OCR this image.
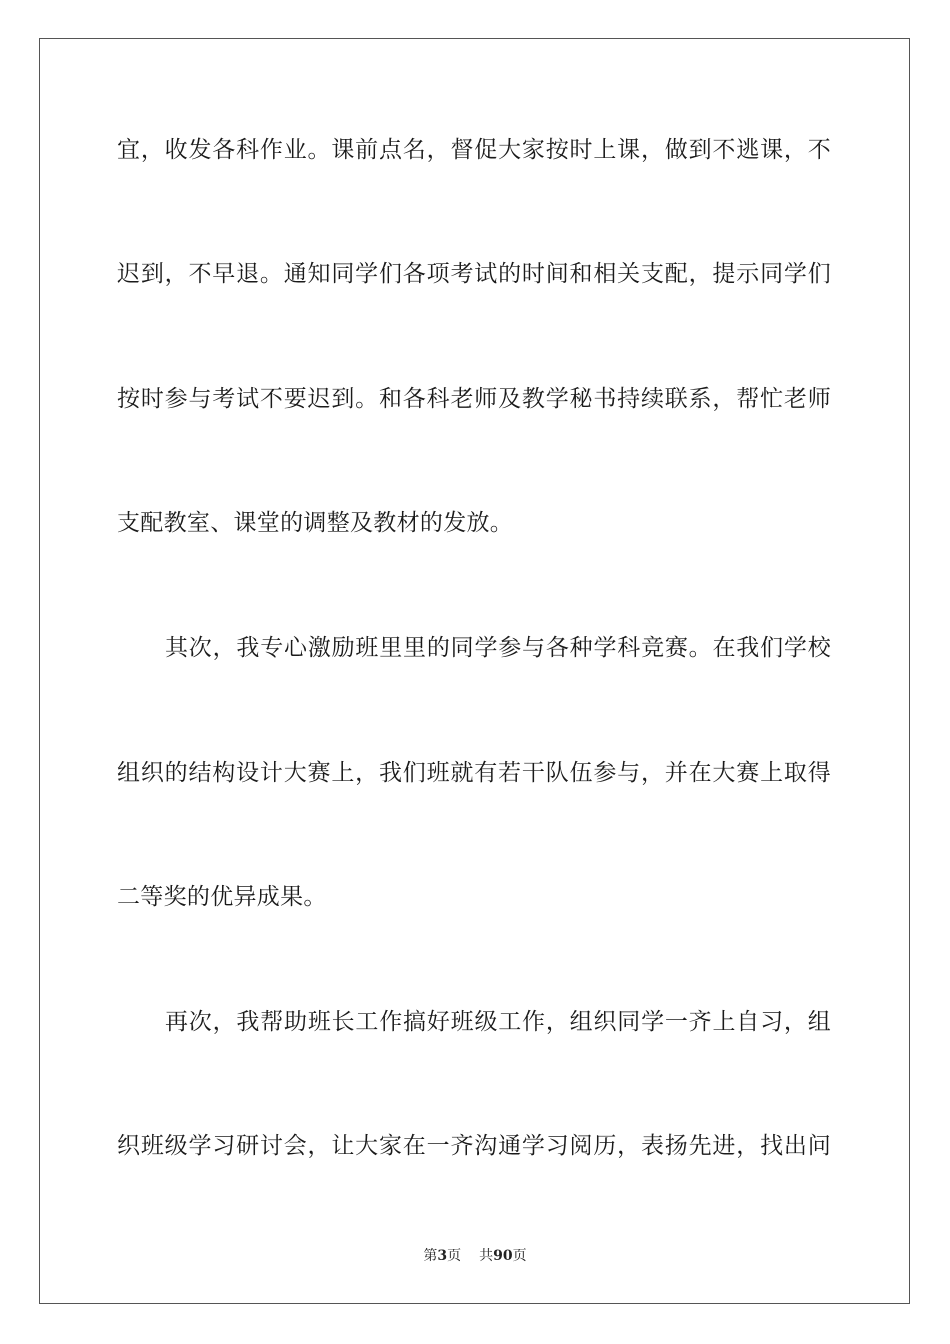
宜，收发各科作业。课前点名，督促大家按时上课，做到不逃课，不
迟到，不早退。通知同学们各项考试的时间和相关支配，提示同学们
按时参与考试不要迟到。和各科老师及教学秘书持续联系，帮忙老师
支配教室、课堂的调整及教材的发放。
其次，我专心激励班里里的同学参与各种学科竞赛。在我们学校
组织的结构设计大赛上，我们班就有若干队伍参与，并在大赛上取得
二等奖的优异成果。
再次，我帮助班长工作搞好班级工作，组织同学一齐上自习，组
织班级学习研讨会，让大家在一齐沟通学习阅历，表扬先进，找出问
第3页 共90页
